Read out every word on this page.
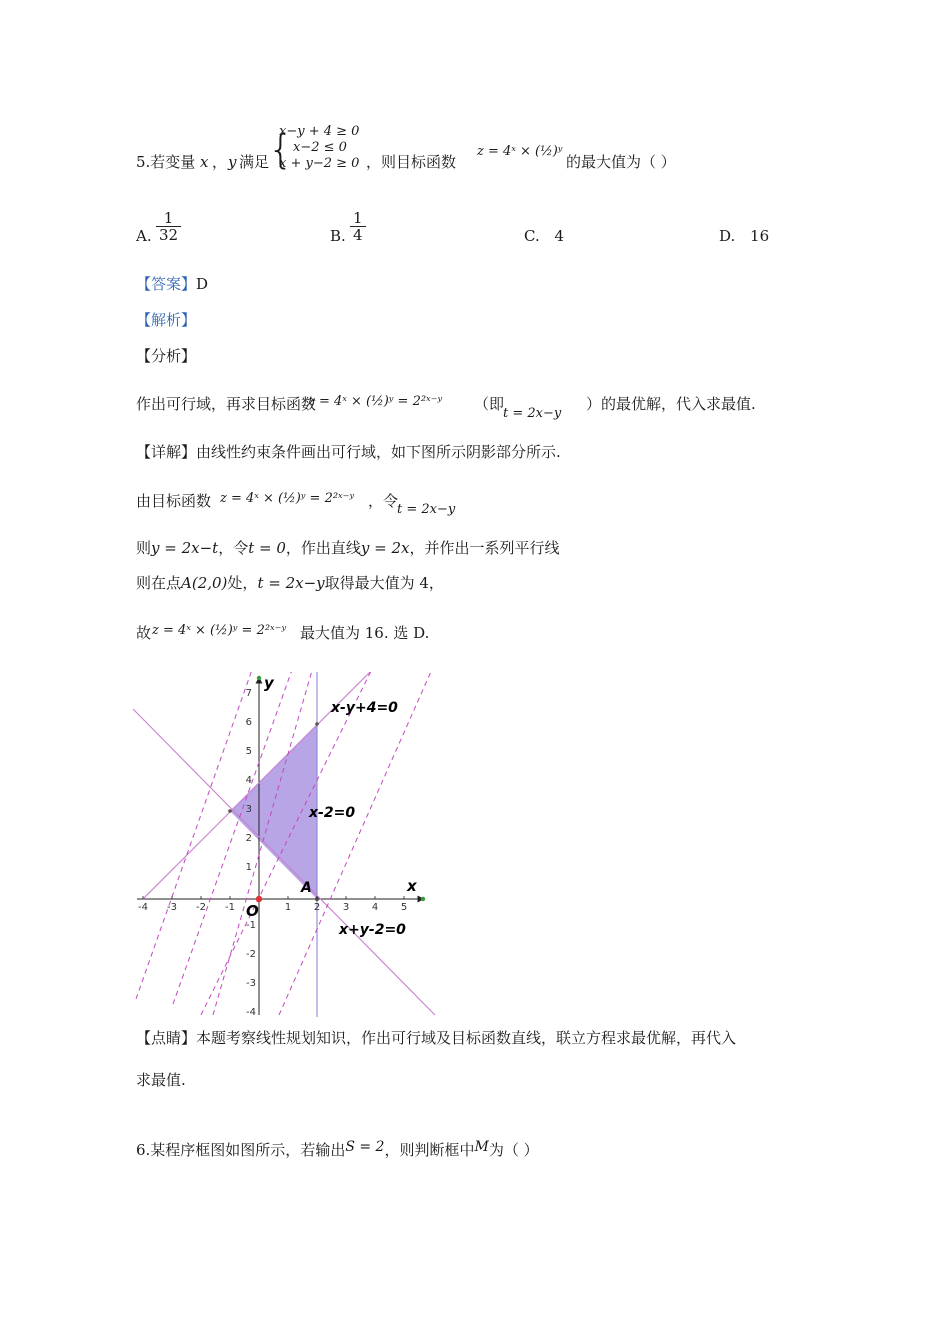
5.若变量 x ， y 满足
{
x−y + 4 ≥ 0
x−2 ≤ 0
x + y−2 ≥ 0 ，则目标函数
z = 4ˣ × (½)ʸ
的最大值为（ ）
A. $\frac{1}{32}$	B. $\frac{1}{4}$	C. 4	D. 16
【答案】D
【解析】
【分析】
作出可行域，再求目标函数
z = 4ˣ × (½)ʸ = 2²ˣ⁻ʸ （即
t = 2x−y
）的最优解，代入求最值.
【详解】由线性约束条件画出可行域，如下图所示阴影部分所示.
由目标函数 z = 4ˣ × (½)ʸ = 2²ˣ⁻ʸ ，令
t = 2x−y
则y = 2x−t，令t = 0，作出直线y = 2x，并作出一系列平行线
则在点A(2,0)处，t = 2x−y取得最大值为 4，
故 z = 4ˣ × (½)ʸ = 2²ˣ⁻ʸ 最大值为 16. 选 D.
-4 -3 -2 -1	1 2 3 4 5
7
6
5
4
3
2
1
-1
-2
-3
-4
y
x
O
A
x-y+4=0
x-2=0
x+y-2=0
【点睛】本题考察线性规划知识，作出可行域及目标函数直线，联立方程求最优解，再代入
求最值.
6.某程序框图如图所示，若输出S = 2，则判断框中M为（ ）
